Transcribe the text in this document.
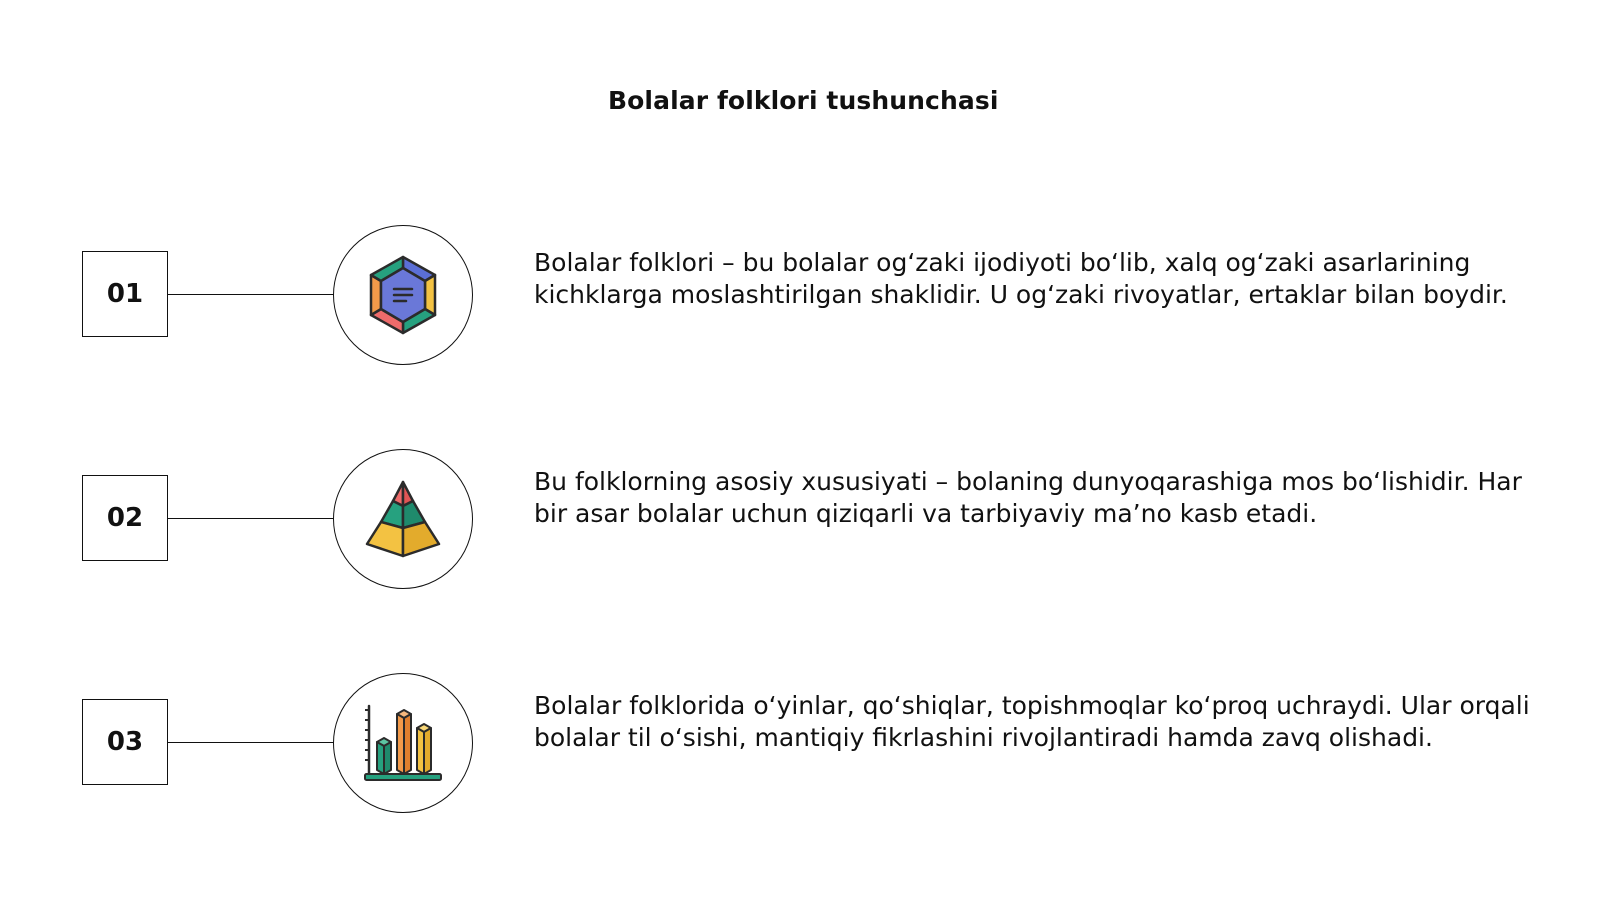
Bolalar folklori tushunchasi
01
Bolalar folklori – bu bolalar og‘zaki ijodiyoti bo‘lib, xalq og‘zaki asarlarining kichklarga moslashtirilgan shaklidir. U og‘zaki rivoyatlar, ertaklar bilan boydir.
02
Bu folklorning asosiy xususiyati – bolaning dunyoqarashiga mos bo‘lishidir. Har bir asar bolalar uchun qiziqarli va tarbiyaviy ma’no kasb etadi.
03
Bolalar folklorida o‘yinlar, qo‘shiqlar, topishmoqlar ko‘proq uchraydi. Ular orqali bolalar til o‘sishi, mantiqiy fikrlashini rivojlantiradi hamda zavq olishadi.
